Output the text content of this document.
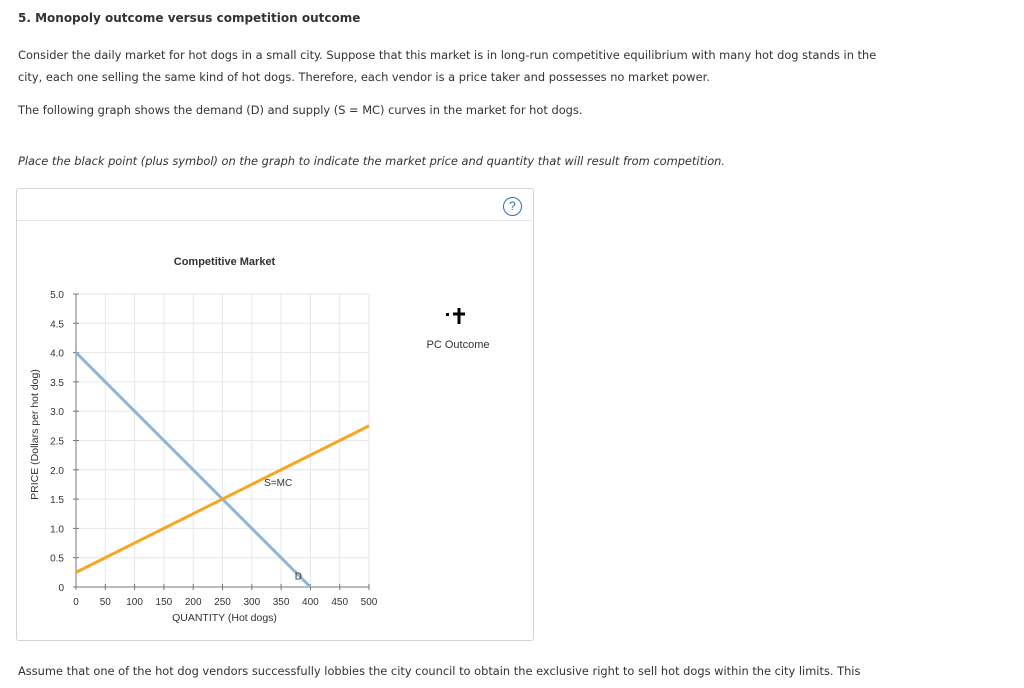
5. Monopoly outcome versus competition outcome
Consider the daily market for hot dogs in a small city. Suppose that this market is in long-run competitive equilibrium with many hot dog stands in the city, each one selling the same kind of hot dogs. Therefore, each vendor is a price taker and possesses no market power.
The following graph shows the demand (D) and supply (S = MC) curves in the market for hot dogs.
Place the black point (plus symbol) on the graph to indicate the market price and quantity that will result from competition.
?
0 50 100 150 200 250 300 350 400 450 500
0
0.5
1.0
1.5
2.0
2.5
3.0
3.5
4.0
4.5
5.0
D
S=MC
Competitive Market
QUANTITY (Hot dogs)
PRICE (Dollars per hot dog)
PC Outcome
Assume that one of the hot dog vendors successfully lobbies the city council to obtain the exclusive right to sell hot dogs within the city limits. This
